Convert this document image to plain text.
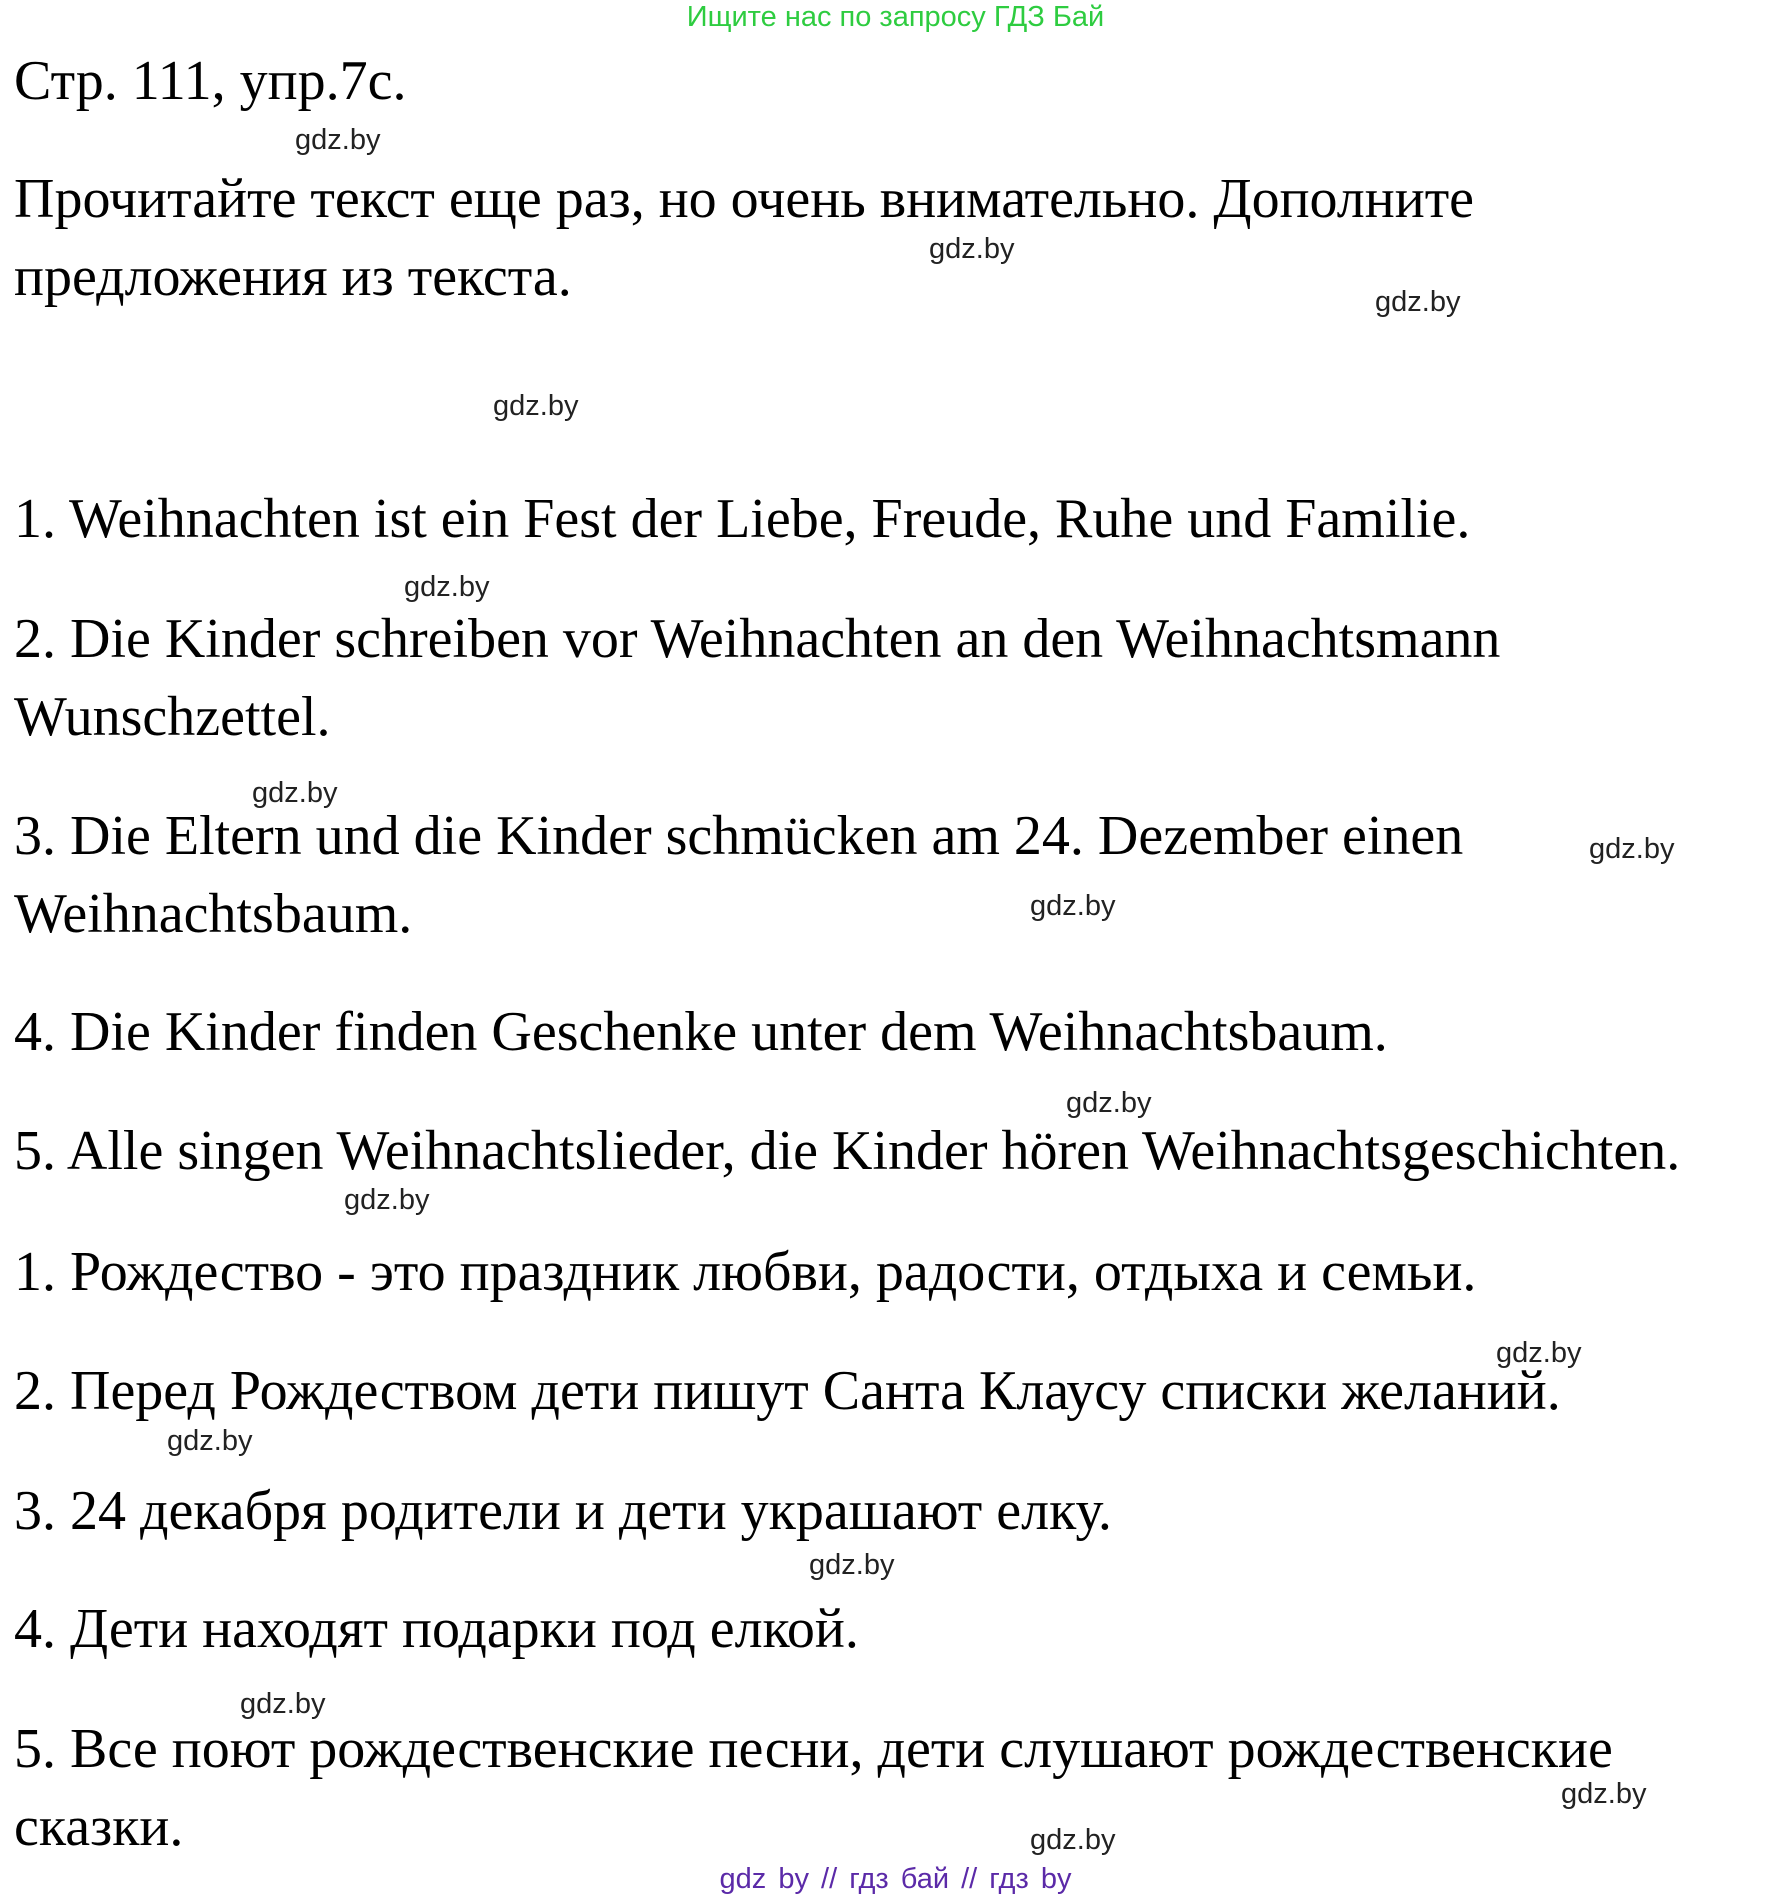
Ищите нас по запросу ГДЗ Бай
Стр. 111, упр.7с.
Прочитайте текст еще раз, но очень внимательно. Дополните
предложения из текста.
1. Weihnachten ist ein Fest der Liebe, Freude, Ruhe und Familie.
2. Die Kinder schreiben vor Weihnachten an den Weihnachtsmann
Wunschzettel.
3. Die Eltern und die Kinder schmücken am 24. Dezember einen
Weihnachtsbaum.
4. Die Kinder finden Geschenke unter dem Weihnachtsbaum.
5. Alle singen Weihnachtslieder, die Kinder hören Weihnachtsgeschichten.
1. Рождество - это праздник любви, радости, отдыха и семьи.
2. Перед Рождеством дети пишут Санта Клаусу списки желаний.
3. 24 декабря родители и дети украшают елку.
4. Дети находят подарки под елкой.
5. Все поют рождественские песни, дети слушают рождественские
сказки.
gdz.by
gdz.by
gdz.by
gdz.by
gdz.by
gdz.by
gdz.by
gdz.by
gdz.by
gdz.by
gdz.by
gdz.by
gdz.by
gdz.by
gdz.by
gdz.by
gdz by // гдз бай // гдз by
